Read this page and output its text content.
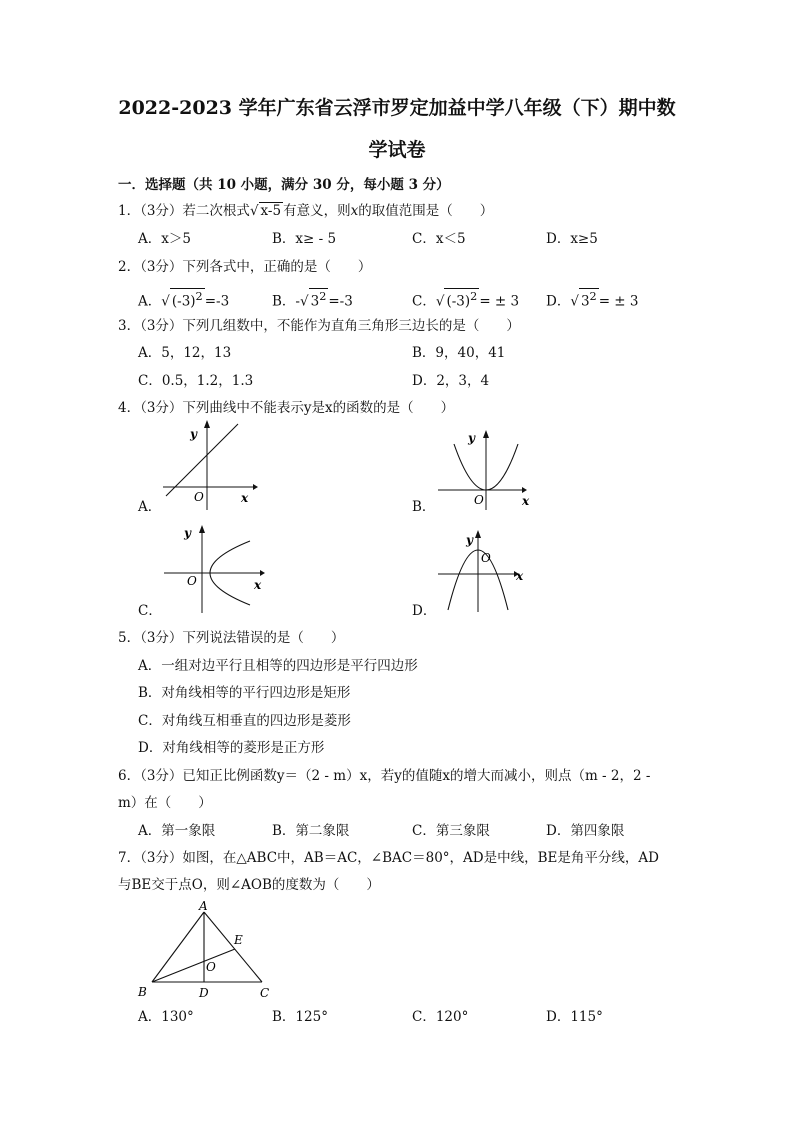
2022-2023 学年广东省云浮市罗定加益中学八年级（下）期中数
学试卷
一．选择题（共 10 小题，满分 30 分，每小题 3 分）
1．（3分）若二次根式√ x-5 有意义，则x的取值范围是（　　）
A．x＞5	B．x≥ - 5	C．x＜5	D．x≥5
2．（3分）下列各式中，正确的是（　　）
A．√ $(-3)^2 =-3$	B．-√ $3^2 =-3$	C．√ $(-3)^2$ = ± 3 D．√ $3^2$ = ± 3
3．（3分）下列几组数中，不能作为直角三角形三边长的是（　　）
A．5，12，13	B．9，40，41
C．0.5，1.2，1.3	D．2，3，4
4．（3分）下列曲线中不能表示y是x的函数的是（　　）
y
O	x
A．
y
O	x
B．
y
O	x
C．
y
O
x
D．
5．（3分）下列说法错误的是（　　）
A．一组对边平行且相等的四边形是平行四边形
B．对角线相等的平行四边形是矩形
C．对角线互相垂直的四边形是菱形
D．对角线相等的菱形是正方形
6．（3分）已知正比例函数y＝（2 - m）x，若y的值随x的增大而减小，则点（m - 2，2 -
m）在（　　）
A．第一象限	B．第二象限	C．第三象限	D．第四象限
7．（3分）如图，在△ABC中，AB＝AC，∠BAC＝80°，AD是中线，BE是角平分线，AD
与BE交于点O，则∠AOB的度数为（　　）
A
B	C
D
E
O
A．130°	B．125°	C．120°	D．115°
